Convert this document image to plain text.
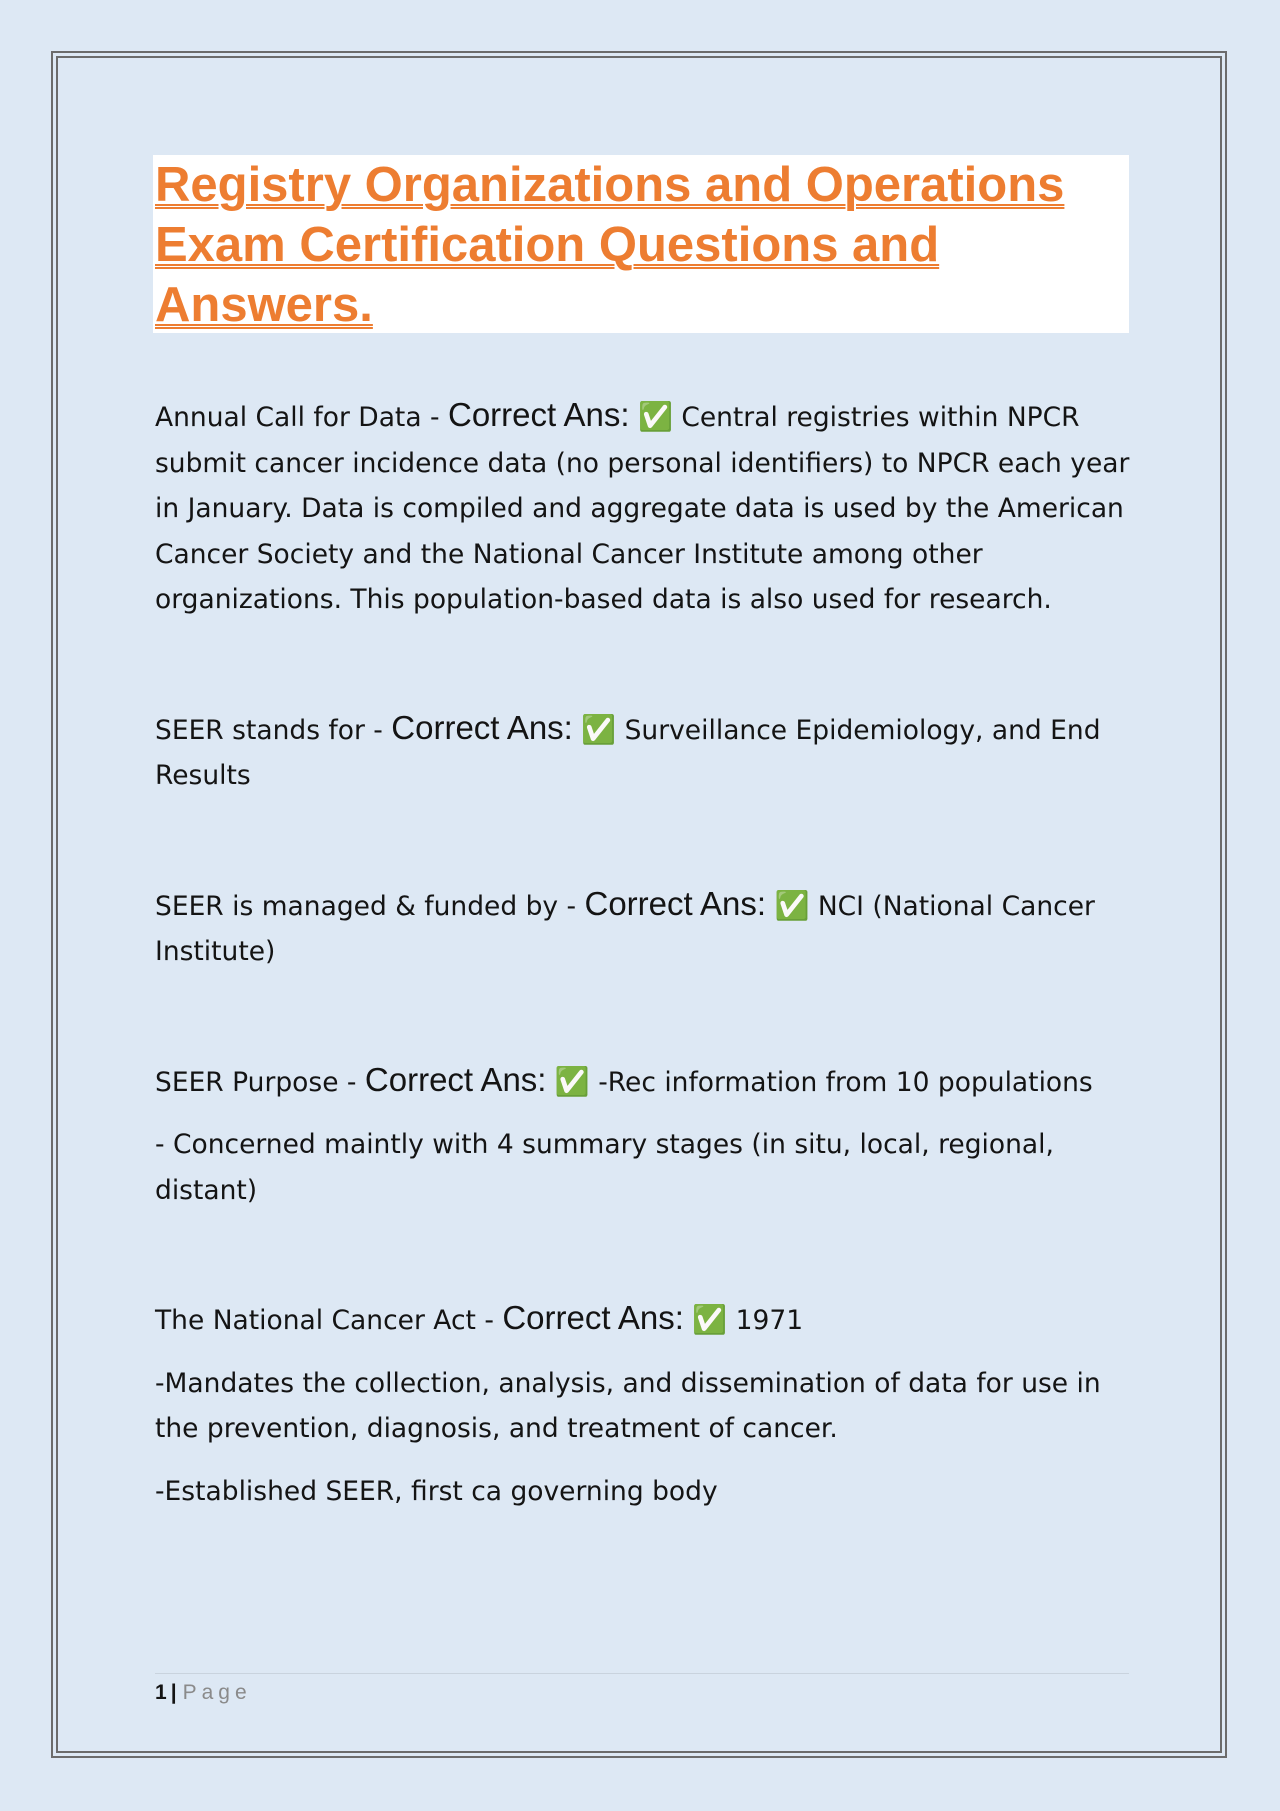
Registry Organizations and Operations Exam Certification Questions and Answers.

Annual Call for Data - Correct Ans: ✅ Central registries within NPCR submit cancer incidence data (no personal identifiers) to NPCR each year in January. Data is compiled and aggregate data is used by the American Cancer Society and the National Cancer Institute among other organizations. This population-based data is also used for research.

SEER stands for - Correct Ans: ✅ Surveillance Epidemiology, and End Results

SEER is managed & funded by - Correct Ans: ✅ NCI (National Cancer Institute)

SEER Purpose - Correct Ans: ✅ -Rec information from 10 populations

- Concerned maintly with 4 summary stages (in situ, local, regional, distant)

The National Cancer Act - Correct Ans: ✅ 1971

-Mandates the collection, analysis, and dissemination of data for use in the prevention, diagnosis, and treatment of cancer.

-Established SEER, first ca governing body

1 | Page
